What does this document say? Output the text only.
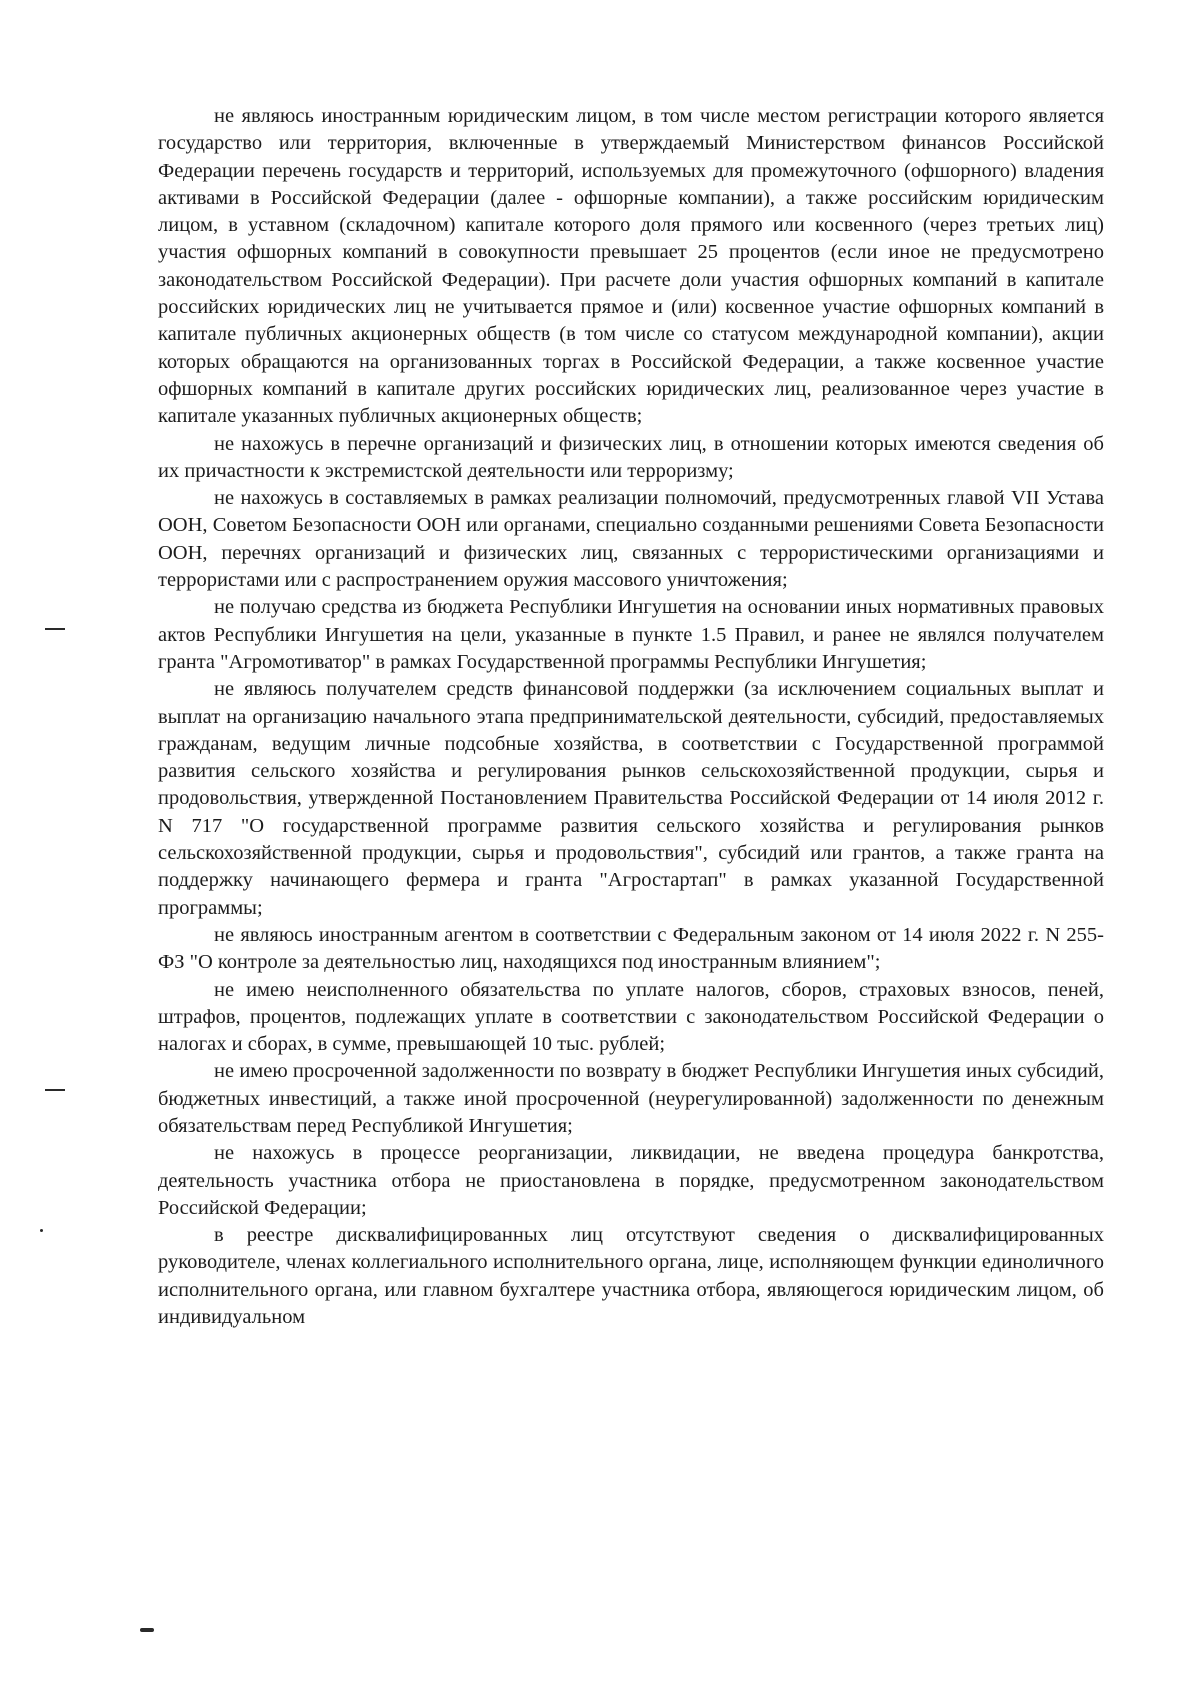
не являюсь иностранным юридическим лицом, в том числе местом регистрации которого является государство или территория, включенные в утверждаемый Министерством финансов Российской Федерации перечень государств и территорий, используемых для промежуточного (офшорного) владения активами в Российской Федерации (далее - офшорные компании), а также российским юридическим лицом, в уставном (складочном) капитале которого доля прямого или косвенного (через третьих лиц) участия офшорных компаний в совокупности превышает 25 процентов (если иное не предусмотрено законодательством Российской Федерации). При расчете доли участия офшорных компаний в капитале российских юридических лиц не учитывается прямое и (или) косвенное участие офшорных компаний в капитале публичных акционерных обществ (в том числе со статусом международной компании), акции которых обращаются на организованных торгах в Российской Федерации, а также косвенное участие офшорных компаний в капитале других российских юридических лиц, реализованное через участие в капитале указанных публичных акционерных обществ;

не нахожусь в перечне организаций и физических лиц, в отношении которых имеются сведения об их причастности к экстремистской деятельности или терроризму;

не нахожусь в составляемых в рамках реализации полномочий, предусмотренных главой VII Устава ООН, Советом Безопасности ООН или органами, специально созданными решениями Совета Безопасности ООН, перечнях организаций и физических лиц, связанных с террористическими организациями и террористами или с распространением оружия массового уничтожения;

не получаю средства из бюджета Республики Ингушетия на основании иных нормативных правовых актов Республики Ингушетия на цели, указанные в пункте 1.5 Правил, и ранее не являлся получателем гранта "Агромотиватор" в рамках Государственной программы Республики Ингушетия;

не являюсь получателем средств финансовой поддержки (за исключением социальных выплат и выплат на организацию начального этапа предпринимательской деятельности, субсидий, предоставляемых гражданам, ведущим личные подсобные хозяйства, в соответствии с Государственной программой развития сельского хозяйства и регулирования рынков сельскохозяйственной продукции, сырья и продовольствия, утвержденной Постановлением Правительства Российской Федерации от 14 июля 2012 г. N 717 "О государственной программе развития сельского хозяйства и регулирования рынков сельскохозяйственной продукции, сырья и продовольствия", субсидий или грантов, а также гранта на поддержку начинающего фермера и гранта "Агростартап" в рамках указанной Государственной программы;

не являюсь иностранным агентом в соответствии с Федеральным законом от 14 июля 2022 г. N 255-ФЗ "О контроле за деятельностью лиц, находящихся под иностранным влиянием";

не имею неисполненного обязательства по уплате налогов, сборов, страховых взносов, пеней, штрафов, процентов, подлежащих уплате в соответствии с законодательством Российской Федерации о налогах и сборах, в сумме, превышающей 10 тыс. рублей;

не имею просроченной задолженности по возврату в бюджет Республики Ингушетия иных субсидий, бюджетных инвестиций, а также иной просроченной (неурегулированной) задолженности по денежным обязательствам перед Республикой Ингушетия;

не нахожусь в процессе реорганизации, ликвидации, не введена процедура банкротства, деятельность участника отбора не приостановлена в порядке, предусмотренном законодательством Российской Федерации;

в реестре дисквалифицированных лиц отсутствуют сведения о дисквалифицированных руководителе, членах коллегиального исполнительного органа, лице, исполняющем функции единоличного исполнительного органа, или главном бухгалтере участника отбора, являющегося юридическим лицом, об индивидуальном
